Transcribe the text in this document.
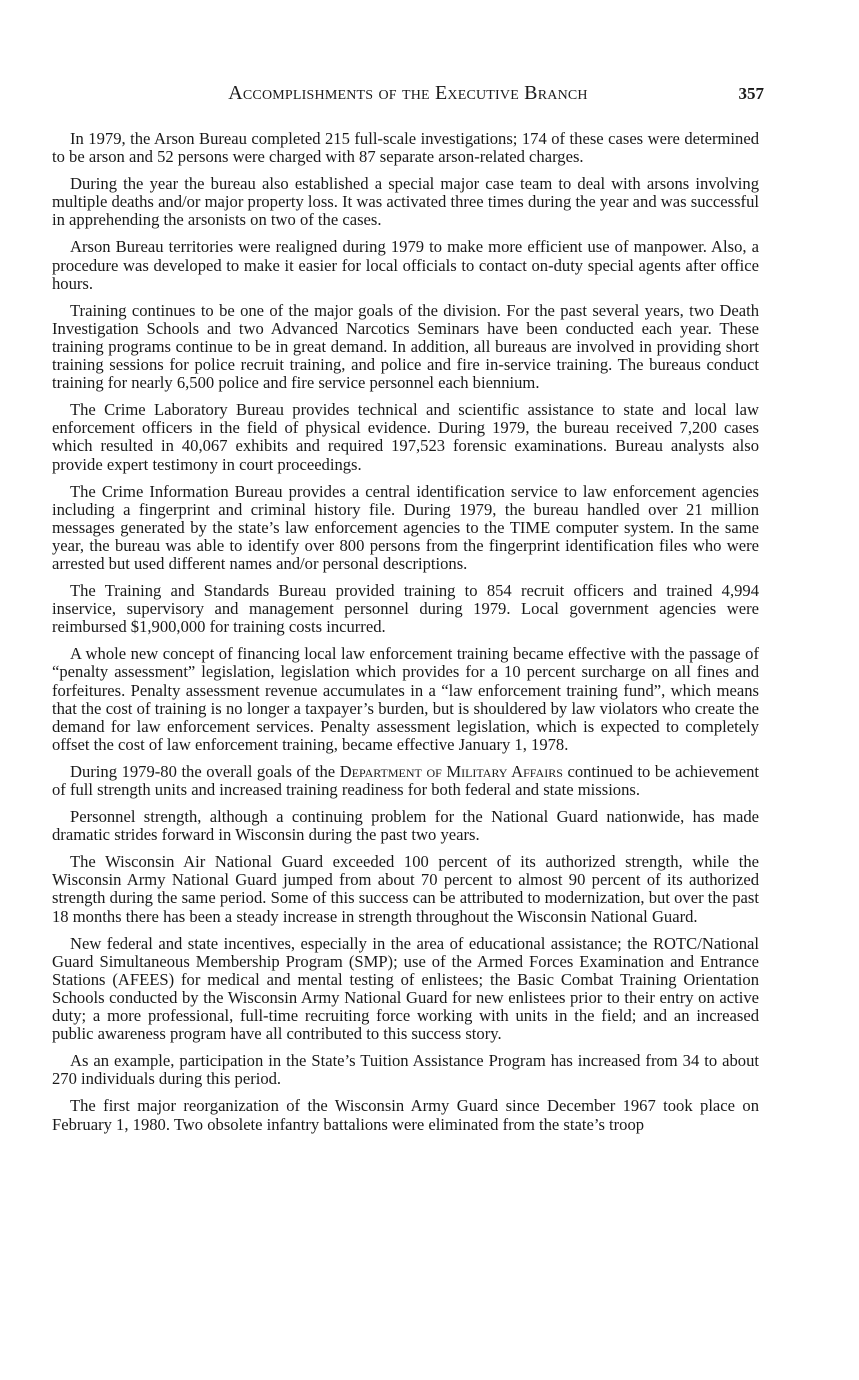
Accomplishments of the Executive Branch	357

In 1979, the Arson Bureau completed 215 full-scale investigations; 174 of these cases were determined to be arson and 52 persons were charged with 87 separate arson-related charges.

During the year the bureau also established a special major case team to deal with arsons involving multiple deaths and/or major property loss. It was activated three times during the year and was successful in apprehending the arsonists on two of the cases.

Arson Bureau territories were realigned during 1979 to make more efficient use of manpower. Also, a procedure was developed to make it easier for local officials to contact on-duty special agents after office hours.

Training continues to be one of the major goals of the division. For the past several years, two Death Investigation Schools and two Advanced Narcotics Seminars have been conducted each year. These training programs continue to be in great demand. In addition, all bureaus are involved in providing short training sessions for police recruit training, and police and fire in-service training. The bureaus conduct training for nearly 6,500 police and fire service personnel each biennium.

The Crime Laboratory Bureau provides technical and scientific assistance to state and local law enforcement officers in the field of physical evidence. During 1979, the bureau received 7,200 cases which resulted in 40,067 exhibits and required 197,523 forensic examinations. Bureau analysts also provide expert testimony in court proceedings.

The Crime Information Bureau provides a central identification service to law enforcement agencies including a fingerprint and criminal history file. During 1979, the bureau handled over 21 million messages generated by the state’s law enforcement agencies to the TIME computer system. In the same year, the bureau was able to identify over 800 persons from the fingerprint identification files who were arrested but used different names and/or personal descriptions.

The Training and Standards Bureau provided training to 854 recruit officers and trained 4,994 inservice, supervisory and management personnel during 1979. Local government agencies were reimbursed $1,900,000 for training costs incurred.

A whole new concept of financing local law enforcement training became effective with the passage of “penalty assessment” legislation, legislation which provides for a 10 percent surcharge on all fines and forfeitures. Penalty assessment revenue accumulates in a “law enforcement training fund”, which means that the cost of training is no longer a taxpayer’s burden, but is shouldered by law violators who create the demand for law enforcement services. Penalty assessment legislation, which is expected to completely offset the cost of law enforcement training, became effective January 1, 1978.

During 1979-80 the overall goals of the Department of Military Affairs continued to be achievement of full strength units and increased training readiness for both federal and state missions.

Personnel strength, although a continuing problem for the National Guard nationwide, has made dramatic strides forward in Wisconsin during the past two years.

The Wisconsin Air National Guard exceeded 100 percent of its authorized strength, while the Wisconsin Army National Guard jumped from about 70 percent to almost 90 percent of its authorized strength during the same period. Some of this success can be attributed to modernization, but over the past 18 months there has been a steady increase in strength throughout the Wisconsin National Guard.

New federal and state incentives, especially in the area of educational assistance; the ROTC/National Guard Simultaneous Membership Program (SMP); use of the Armed Forces Examination and Entrance Stations (AFEES) for medical and mental testing of enlistees; the Basic Combat Training Orientation Schools conducted by the Wisconsin Army National Guard for new enlistees prior to their entry on active duty; a more professional, full-time recruiting force working with units in the field; and an increased public awareness program have all contributed to this success story.

As an example, participation in the State’s Tuition Assistance Program has increased from 34 to about 270 individuals during this period.

The first major reorganization of the Wisconsin Army Guard since December 1967 took place on February 1, 1980. Two obsolete infantry battalions were eliminated from the state’s troop
